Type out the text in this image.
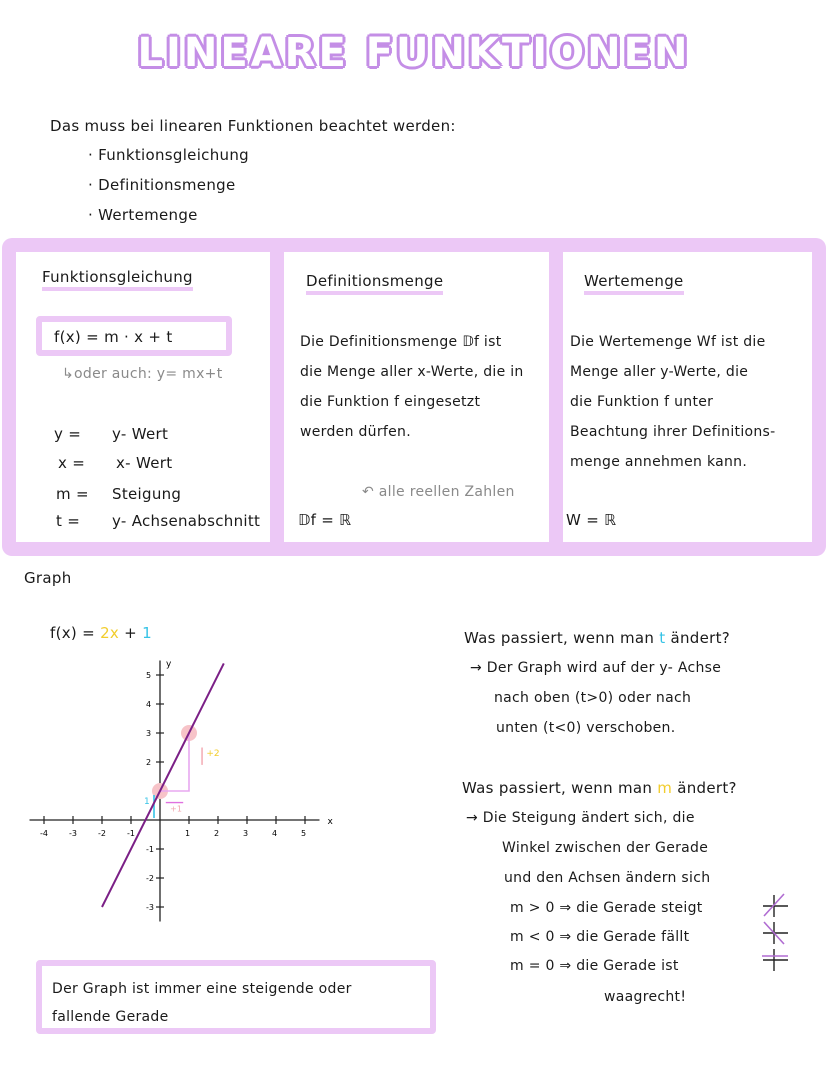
LINEARE FUNKTIONEN
Das muss bei linearen Funktionen beachtet werden:
· Funktionsgleichung
· Definitionsmenge
· Wertemenge
Funktionsgleichung
f(x) = m · x + t
↳oder auch: y= mx+t
y = y- Wert
x = x- Wert
m = Steigung
t = y- Achsenabschnitt
Definitionsmenge
Die Definitionsmenge 𝔻f ist
die Menge aller x-Werte, die in
die Funktion f eingesetzt
werden dürfen.
↶ alle reellen Zahlen
𝔻f = ℝ
Wertemenge
Die Wertemenge Wf ist die
Menge aller y-Werte, die
die Funktion f unter
Beachtung ihrer Definitions-
menge annehmen kann.
W = ℝ
Graph
f(x) = 2x + 1
x
y
-4	-3	-2	-1	1	2	3	4	5
5
4
3
2
-1
-2
-3
1
+2
+1
Der Graph ist immer eine steigende oder
fallende Gerade
Was passiert, wenn man t ändert?
→ Der Graph wird auf der y- Achse
nach oben (t>0) oder nach
unten (t<0) verschoben.
Was passiert, wenn man m ändert?
→ Die Steigung ändert sich, die
Winkel zwischen der Gerade
und den Achsen ändern sich
m > 0 ⇒ die Gerade steigt
m < 0 ⇒ die Gerade fällt
m = 0 ⇒ die Gerade ist
waagrecht!
